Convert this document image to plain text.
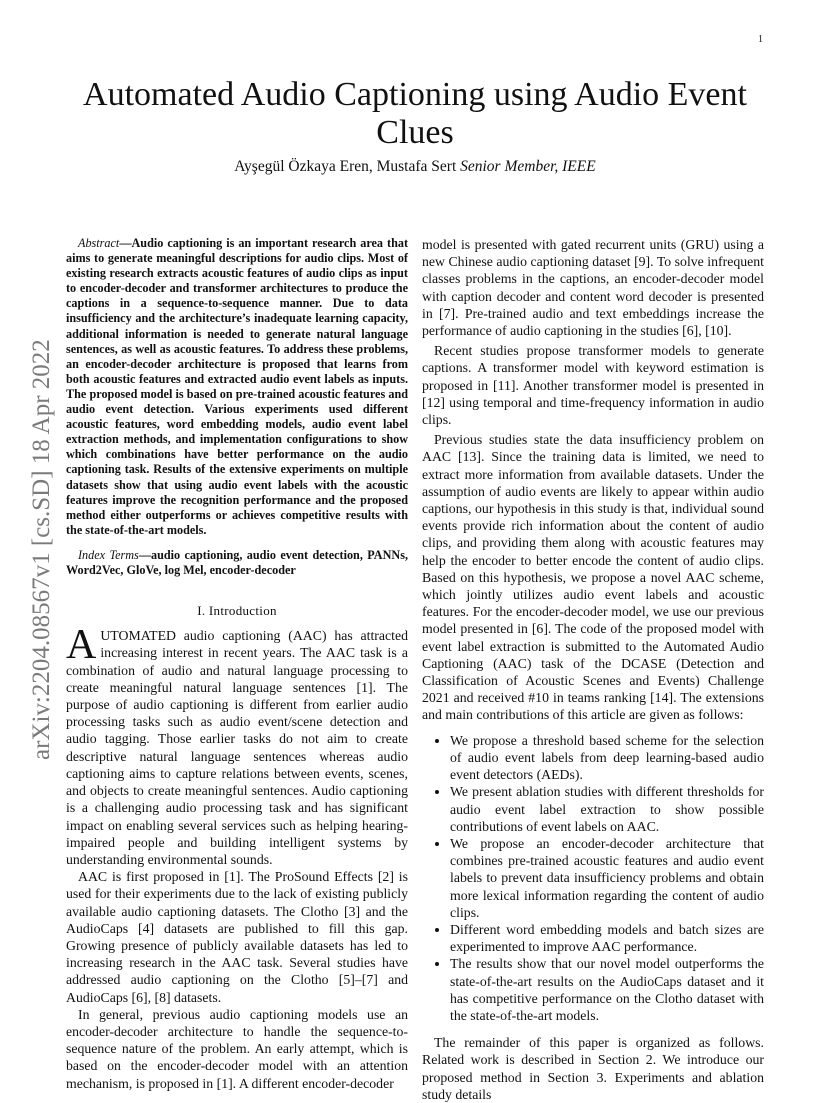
1
arXiv:2204.08567v1 [cs.SD] 18 Apr 2022
Automated Audio Captioning using Audio Event Clues
Ayşegül Özkaya Eren, Mustafa Sert Senior Member, IEEE

Abstract—Audio captioning is an important research area that aims to generate meaningful descriptions for audio clips. Most of existing research extracts acoustic features of audio clips as input to encoder-decoder and transformer architectures to produce the captions in a sequence-to-sequence manner. Due to data insufficiency and the architecture’s inadequate learning capacity, additional information is needed to generate natural language sentences, as well as acoustic features. To address these problems, an encoder-decoder architecture is proposed that learns from both acoustic features and extracted audio event labels as inputs. The proposed model is based on pre-trained acoustic features and audio event detection. Various experiments used different acoustic features, word embedding models, audio event label extraction methods, and implementation configurations to show which combinations have better performance on the audio captioning task. Results of the extensive experiments on multiple datasets show that using audio event labels with the acoustic features improve the recognition performance and the proposed method either outperforms or achieves competitive results with the state-of-the-art models.

Index Terms—audio captioning, audio event detection, PANNs, Word2Vec, GloVe, log Mel, encoder-decoder

I. Introduction

AUTOMATED audio captioning (AAC) has attracted increasing interest in recent years. The AAC task is a combination of audio and natural language processing to create meaningful natural language sentences [1]. The purpose of audio captioning is different from earlier audio processing tasks such as audio event/scene detection and audio tagging. Those earlier tasks do not aim to create descriptive natural language sentences whereas audio captioning aims to capture relations between events, scenes, and objects to create meaningful sentences. Audio captioning is a challenging audio processing task and has significant impact on enabling several services such as helping hearing-impaired people and building intelligent systems by understanding environmental sounds.

AAC is first proposed in [1]. The ProSound Effects [2] is used for their experiments due to the lack of existing publicly available audio captioning datasets. The Clotho [3] and the AudioCaps [4] datasets are published to fill this gap. Growing presence of publicly available datasets has led to increasing research in the AAC task. Several studies have addressed audio captioning on the Clotho [5]–[7] and AudioCaps [6], [8] datasets.

In general, previous audio captioning models use an encoder-decoder architecture to handle the sequence-to-sequence nature of the problem. An early attempt, which is based on the encoder-decoder model with an attention mechanism, is proposed in [1]. A different encoder-decoder

model is presented with gated recurrent units (GRU) using a new Chinese audio captioning dataset [9]. To solve infrequent classes problems in the captions, an encoder-decoder model with caption decoder and content word decoder is presented in [7]. Pre-trained audio and text embeddings increase the performance of audio captioning in the studies [6], [10].

Recent studies propose transformer models to generate captions. A transformer model with keyword estimation is proposed in [11]. Another transformer model is presented in [12] using temporal and time-frequency information in audio clips.

Previous studies state the data insufficiency problem on AAC [13]. Since the training data is limited, we need to extract more information from available datasets. Under the assumption of audio events are likely to appear within audio captions, our hypothesis in this study is that, individual sound events provide rich information about the content of audio clips, and providing them along with acoustic features may help the encoder to better encode the content of audio clips. Based on this hypothesis, we propose a novel AAC scheme, which jointly utilizes audio event labels and acoustic features. For the encoder-decoder model, we use our previous model presented in [6]. The code of the proposed model with event label extraction is submitted to the Automated Audio Captioning (AAC) task of the DCASE (Detection and Classification of Acoustic Scenes and Events) Challenge 2021 and received #10 in teams ranking [14]. The extensions and main contributions of this article are given as follows:

• We propose a threshold based scheme for the selection of audio event labels from deep learning-based audio event detectors (AEDs).
• We present ablation studies with different thresholds for audio event label extraction to show possible contributions of event labels on AAC.
• We propose an encoder-decoder architecture that combines pre-trained acoustic features and audio event labels to prevent data insufficiency problems and obtain more lexical information regarding the content of audio clips.
• Different word embedding models and batch sizes are experimented to improve AAC performance.
• The results show that our novel model outperforms the state-of-the-art results on the AudioCaps dataset and it has competitive performance on the Clotho dataset with the state-of-the-art models.

The remainder of this paper is organized as follows. Related work is described in Section 2. We introduce our proposed method in Section 3. Experiments and ablation study details
